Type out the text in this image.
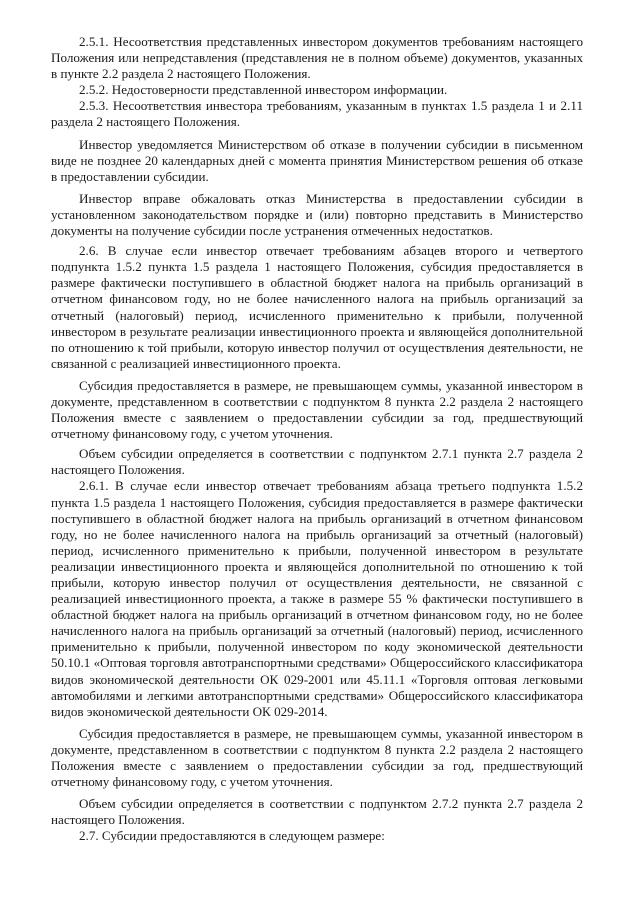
2.5.1. Несоответствия представленных инвестором документов требованиям настоящего Положения или непредставления (представления не в полном объеме) документов, указанных в пункте 2.2 раздела 2 настоящего Положения.

2.5.2. Недостоверности представленной инвестором информации.

2.5.3. Несоответствия инвестора требованиям, указанным в пунктах 1.5 раздела 1 и 2.11 раздела 2 настоящего Положения.

Инвестор уведомляется Министерством об отказе в получении субсидии в письменном виде не позднее 20 календарных дней с момента принятия Министерством решения об отказе в предоставлении субсидии.

Инвестор вправе обжаловать отказ Министерства в предоставлении субсидии в установленном законодательством порядке и (или) повторно представить в Министерство документы на получение субсидии после устранения отмеченных недостатков.

2.6. В случае если инвестор отвечает требованиям абзацев второго и четвертого подпункта 1.5.2 пункта 1.5 раздела 1 настоящего Положения, субсидия предоставляется в размере фактически поступившего в областной бюджет налога на прибыль организаций в отчетном финансовом году, но не более начисленного налога на прибыль организаций за отчетный (налоговый) период, исчисленного применительно к прибыли, полученной инвестором в результате реализации инвестиционного проекта и являющейся дополнительной по отношению к той прибыли, которую инвестор получил от осуществления деятельности, не связанной с реализацией инвестиционного проекта.

Субсидия предоставляется в размере, не превышающем суммы, указанной инвестором в документе, представленном в соответствии с подпунктом 8 пункта 2.2 раздела 2 настоящего Положения вместе с заявлением о предоставлении субсидии за год, предшествующий отчетному финансовому году, с учетом уточнения.

Объем субсидии определяется в соответствии с подпунктом 2.7.1 пункта 2.7 раздела 2 настоящего Положения.

2.6.1. В случае если инвестор отвечает требованиям абзаца третьего подпункта 1.5.2 пункта 1.5 раздела 1 настоящего Положения, субсидия предоставляется в размере фактически поступившего в областной бюджет налога на прибыль организаций в отчетном финансовом году, но не более начисленного налога на прибыль организаций за отчетный (налоговый) период, исчисленного применительно к прибыли, полученной инвестором в результате реализации инвестиционного проекта и являющейся дополнительной по отношению к той прибыли, которую инвестор получил от осуществления деятельности, не связанной с реализацией инвестиционного проекта, а также в размере 55 % фактически поступившего в областной бюджет налога на прибыль организаций в отчетном финансовом году, но не более начисленного налога на прибыль организаций за отчетный (налоговый) период, исчисленного применительно к прибыли, полученной инвестором по коду экономической деятельности 50.10.1 «Оптовая торговля автотранспортными средствами» Общероссийского классификатора видов экономической деятельности ОК 029-2001 или 45.11.1 «Торговля оптовая легковыми автомобилями и легкими автотранспортными средствами» Общероссийского классификатора видов экономической деятельности ОК 029-2014.

Субсидия предоставляется в размере, не превышающем суммы, указанной инвестором в документе, представленном в соответствии с подпунктом 8 пункта 2.2 раздела 2 настоящего Положения вместе с заявлением о предоставлении субсидии за год, предшествующий отчетному финансовому году, с учетом уточнения.

Объем субсидии определяется в соответствии с подпунктом 2.7.2 пункта 2.7 раздела 2 настоящего Положения.

2.7. Субсидии предоставляются в следующем размере:
